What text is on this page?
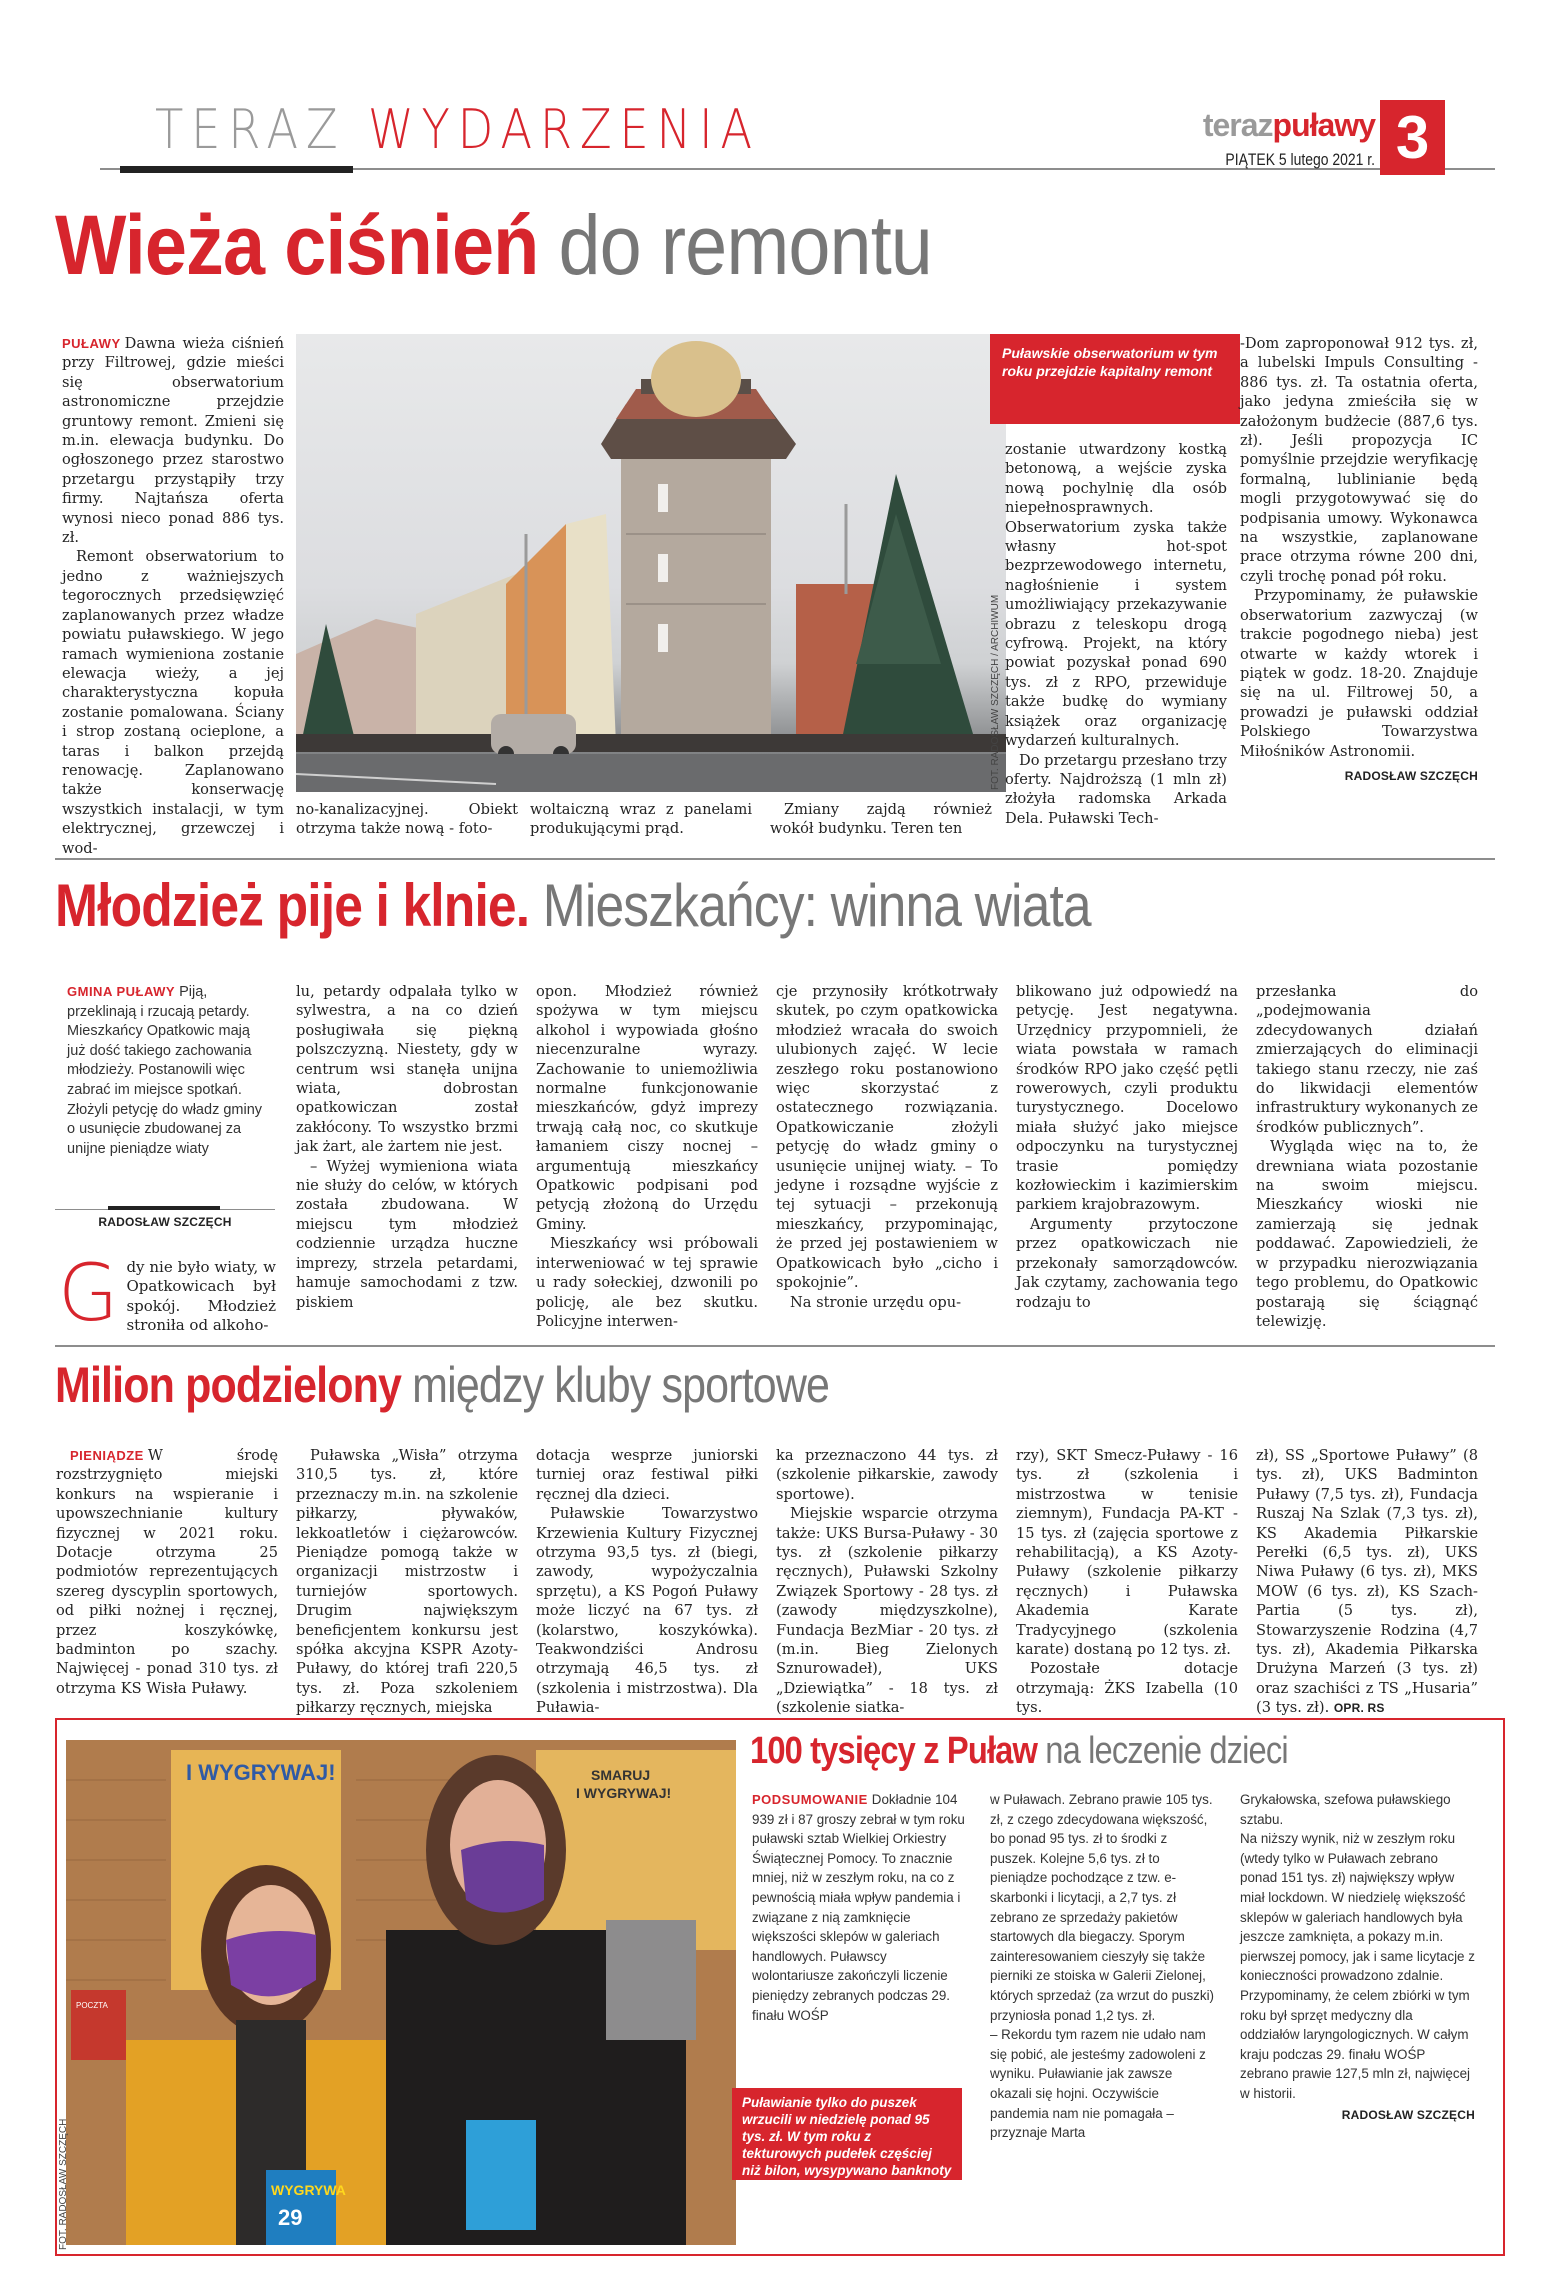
TERAZ WYDARZENIA	terazpuławy
PIĄTEK 5 lutego 2021 r. 3
Wieża ciśnień do remontu

PUŁAWY Dawna wieża ciśnień przy Filtrowej, gdzie mieści się obserwatorium astronomiczne przejdzie gruntowy remont. Zmieni się m.in. elewacja budynku. Do ogłoszonego przez starostwo przetargu przystąpiły trzy firmy. Najtańsza oferta wynosi nieco ponad 886 tys. zł.

Remont obserwatorium to jedno z ważniejszych tegorocznych przedsięwzięć zaplanowanych przez władze powiatu puławskiego. W jego ramach wymieniona zostanie elewacja wieży, a jej charakterystyczna kopuła zostanie pomalowana. Ściany i strop zostaną ocieplone, a taras i balkon przejdą renowację. Zaplanowano także konserwację wszystkich instalacji, w tym elektrycznej, grzewczej i wod-

FOT. RADOSŁAW SZCZĘCH / ARCHIWUM
Puławskie obserwatorium w tym roku przejdzie kapitalny remont

no-kanalizacyjnej. Obiekt otrzyma także nową - foto-

woltaiczną wraz z panelami produkującymi prąd.

Zmiany zajdą również wokół budynku. Teren ten

zostanie utwardzony kostką betonową, a wejście zyska nową pochylnię dla osób niepełnosprawnych. Obserwatorium zyska także własny hot-spot bezprzewodowego internetu, nagłośnienie i system umożliwiający przekazywanie obrazu z teleskopu drogą cyfrową. Projekt, na który powiat pozyskał ponad 690 tys. zł z RPO, przewiduje także budkę do wymiany książek oraz organizację wydarzeń kulturalnych.

Do przetargu przesłano trzy oferty. Najdroższą (1 mln zł) złożyła radomska Arkada Dela. Puławski Tech-

-Dom zaproponował 912 tys. zł, a lubelski Impuls Consulting - 886 tys. zł. Ta ostatnia oferta, jako jedyna zmieściła się w założonym budżecie (887,6 tys. zł). Jeśli propozycja IC pomyślnie przejdzie weryfikację formalną, lublinianie będą mogli przygotowywać się do podpisania umowy. Wykonawca na wszystkie, zaplanowane prace otrzyma równe 200 dni, czyli trochę ponad pół roku.

Przypominamy, że puławskie obserwatorium zazwyczaj (w trakcie pogodnego nieba) jest otwarte w każdy wtorek i piątek w godz. 18-20. Znajduje się na ul. Filtrowej 50, a prowadzi je puławski oddział Polskiego Towarzystwa Miłośników Astronomii.

RADOSŁAW SZCZĘCH
Młodzież pije i klnie. Mieszkańcy: winna wiata
GMINA PUŁAWY Piją, przeklinają i rzucają petardy. Mieszkańcy Opatkowic mają już dość takiego zachowania młodzieży. Postanowili więc zabrać im miejsce spotkań. Złożyli petycję do władz gminy o usunięcie zbudowanej za unijne pieniądze wiaty
RADOSŁAW SZCZĘCH
G dy nie było wiaty, w Opatkowicach był spokój. Młodzież stroniła od alkoho-

lu, petardy odpalała tylko w sylwestra, a na co dzień posługiwała się piękną polszczyzną. Niestety, gdy w centrum wsi stanęła unijna wiata, dobrostan opatkowiczan został zakłócony. To wszystko brzmi jak żart, ale żartem nie jest.

– Wyżej wymieniona wiata nie służy do celów, w których została zbudowana. W miejscu tym młodzież codziennie urządza huczne imprezy, strzela petardami, hamuje samochodami z tzw. piskiem

opon. Młodzież również spożywa w tym miejscu alkohol i wypowiada głośno niecenzuralne wyrazy. Zachowanie to uniemożliwia normalne funkcjonowanie mieszkańców, gdyż imprezy trwają całą noc, co skutkuje łamaniem ciszy nocnej – argumentują mieszkańcy Opatkowic podpisani pod petycją złożoną do Urzędu Gminy.

Mieszkańcy wsi próbowali interweniować w tej sprawie u rady sołeckiej, dzwonili po policję, ale bez skutku. Policyjne interwen-

cje przynosiły krótkotrwały skutek, po czym opatkowicka młodzież wracała do swoich ulubionych zajęć. W lecie zeszłego roku postanowiono więc skorzystać z ostatecznego rozwiązania. Opatkowiczanie złożyli petycję do władz gminy o usunięcie unijnej wiaty. – To jedyne i rozsądne wyjście z tej sytuacji – przekonują mieszkańcy, przypominając, że przed jej postawieniem w Opatkowicach było „cicho i spokojnie”.

Na stronie urzędu opu-

blikowano już odpowiedź na petycję. Jest negatywna. Urzędnicy przypomnieli, że wiata powstała w ramach środków RPO jako część pętli rowerowych, czyli produktu turystycznego. Docelowo miała służyć jako miejsce odpoczynku na turystycznej trasie pomiędzy kozłowieckim i kazimierskim parkiem krajobrazowym.

Argumenty przytoczone przez opatkowiczach nie przekonały samorządowców. Jak czytamy, zachowania tego rodzaju to

przesłanka do „podejmowania zdecydowanych działań zmierzających do eliminacji takiego stanu rzeczy, nie zaś do likwidacji elementów infrastruktury wykonanych ze środków publicznych”.

Wygląda więc na to, że drewniana wiata pozostanie na swoim miejscu. Mieszkańcy wioski nie zamierzają się jednak poddawać. Zapowiedzieli, że w przypadku nierozwiązania tego problemu, do Opatkowic postarają się ściągnąć telewizję.

Milion podzielony między kluby sportowe

PIENIĄDZE W środę rozstrzygnięto miejski konkurs na wspieranie i upowszechnianie kultury fizycznej w 2021 roku. Dotacje otrzyma 25 podmiotów reprezentujących szereg dyscyplin sportowych, od piłki nożnej i ręcznej, przez koszykówkę, badminton po szachy. Najwięcej - ponad 310 tys. zł otrzyma KS Wisła Puławy.

Puławska „Wisła” otrzyma 310,5 tys. zł, które przeznaczy m.in. na szkolenie piłkarzy, pływaków, lekkoatletów i ciężarowców. Pieniądze pomogą także w organizacji mistrzostw i turniejów sportowych. Drugim największym beneficjentem konkursu jest spółka akcyjna KSPR Azoty-Puławy, do której trafi 220,5 tys. zł. Poza szkoleniem piłkarzy ręcznych, miejska

dotacja wesprze juniorski turniej oraz festiwal piłki ręcznej dla dzieci.

Puławskie Towarzystwo Krzewienia Kultury Fizycznej otrzyma 93,5 tys. zł (biegi, zawody, wypożyczalnia sprzętu), a KS Pogoń Puławy może liczyć na 67 tys. zł (kolarstwo, koszykówka). Teakwondziści Androsu otrzymają 46,5 tys. zł (szkolenia i mistrzostwa). Dla Puławia-

ka przeznaczono 44 tys. zł (szkolenie piłkarskie, zawody sportowe).

Miejskie wsparcie otrzyma także: UKS Bursa-Puławy - 30 tys. zł (szkolenie piłkarzy ręcznych), Puławski Szkolny Związek Sportowy - 28 tys. zł (zawody międzyszkolne), Fundacja BezMiar - 20 tys. zł (m.in. Bieg Zielonych Sznurowadeł), UKS „Dziewiątka” - 18 tys. zł (szkolenie siatka-

rzy), SKT Smecz-Puławy - 16 tys. zł (szkolenia i mistrzostwa w tenisie ziemnym), Fundacja PA-KT - 15 tys. zł (zajęcia sportowe z rehabilitacją), a KS Azoty-Puławy (szkolenie piłkarzy ręcznych) i Puławska Akademia Karate Tradycyjnego (szkolenia karate) dostaną po 12 tys. zł.

Pozostałe dotacje otrzymają: ŻKS Izabella (10 tys.

zł), SS „Sportowe Puławy” (8 tys. zł), UKS Badminton Puławy (7,5 tys. zł), Fundacja Ruszaj Na Szlak (7,3 tys. zł), KS Akademia Piłkarskie Perełki (6,5 tys. zł), UKS Niwa Puławy (6 tys. zł), MKS MOW (6 tys. zł), KS Szach-Partia (5 tys. zł), Stowarzyszenie Rodzina (4,7 tys. zł), Akademia Piłkarska Drużyna Marzeń (3 tys. zł) oraz szachiści z TS „Husaria” (3 tys. zł). OPR. RS

SMARUJ
I WYGRYWAJ!
I WYGRYWAJ!
POCZTA
WYGRYWA
29
FOT. RADOSŁAW SZCZĘCH
Puławianie tylko do puszek wrzucili w niedzielę ponad 95 tys. zł. W tym roku z tekturowych pudełek częściej niż bilon, wysypywano banknoty
100 tysięcy z Puław na leczenie dzieci
PODSUMOWANIE Dokładnie 104 939 zł i 87 groszy zebrał w tym roku puławski sztab Wielkiej Orkiestry Świątecznej Pomocy. To znacznie mniej, niż w zeszłym roku, na co z pewnością miała wpływ pandemia i związane z nią zamknięcie większości sklepów w galeriach handlowych. Puławscy wolontariusze zakończyli liczenie pieniędzy zebranych podczas 29. finału WOŚP

w Puławach. Zebrano prawie 105 tys. zł, z czego zdecydowana większość, bo ponad 95 tys. zł to środki z puszek. Kolejne 5,6 tys. zł to pieniądze pochodzące z tzw. e-skarbonki i licytacji, a 2,7 tys. zł zebrano ze sprzedaży pakietów startowych dla biegaczy. Sporym zainteresowaniem cieszyły się także pierniki ze stoiska w Galerii Zielonej, których sprzedaż (za wrzut do puszki) przyniosła ponad 1,2 tys. zł.

– Rekordu tym razem nie udało nam się pobić, ale jesteśmy zadowoleni z wyniku. Puławianie jak zawsze okazali się hojni. Oczywiście pandemia nam nie pomagała – przyznaje Marta

Grykałowska, szefowa puławskiego sztabu.

Na niższy wynik, niż w zeszłym roku (wtedy tylko w Puławach zebrano ponad 151 tys. zł) największy wpływ miał lockdown. W niedzielę większość sklepów w galeriach handlowych była jeszcze zamknięta, a pokazy m.in. pierwszej pomocy, jak i same licytacje z konieczności prowadzono zdalnie.

Przypominamy, że celem zbiórki w tym roku był sprzęt medyczny dla oddziałów laryngologicznych. W całym kraju podczas 29. finału WOŚP zebrano prawie 127,5 mln zł, najwięcej w historii.

RADOSŁAW SZCZĘCH
